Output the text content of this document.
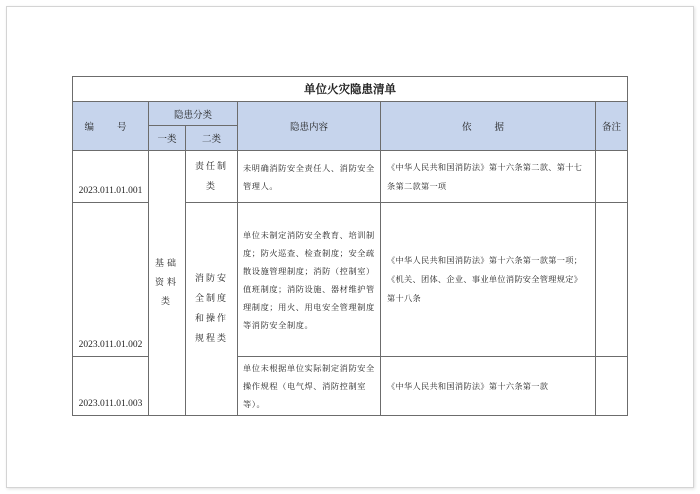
单位火灾隐患清单					
编 号	隐患分类		隐患内容	依 据	备注
	一类	二类			
2023.011.01.001	基础资料类	责任制类	未明确消防安全责任人、消防安全管理人。	《中华人民共和国消防法》第十六条第二款、第十七条第二款第一项	
2023.011.01.002		消防安全制度和操作规程类	单位未制定消防安全教育、培训制度；防火巡查、检查制度；安全疏散设施管理制度；消防（控制室）值班制度；消防设施、器材维护管理制度；用火、用电安全管理制度等消防安全制度。	《中华人民共和国消防法》第十六条第一款第一项；《机关、团体、企业、事业单位消防安全管理规定》第十八条	
2023.011.01.003			单位未根据单位实际制定消防安全操作规程（电气焊、消防控制室等）。	《中华人民共和国消防法》第十六条第一款	
